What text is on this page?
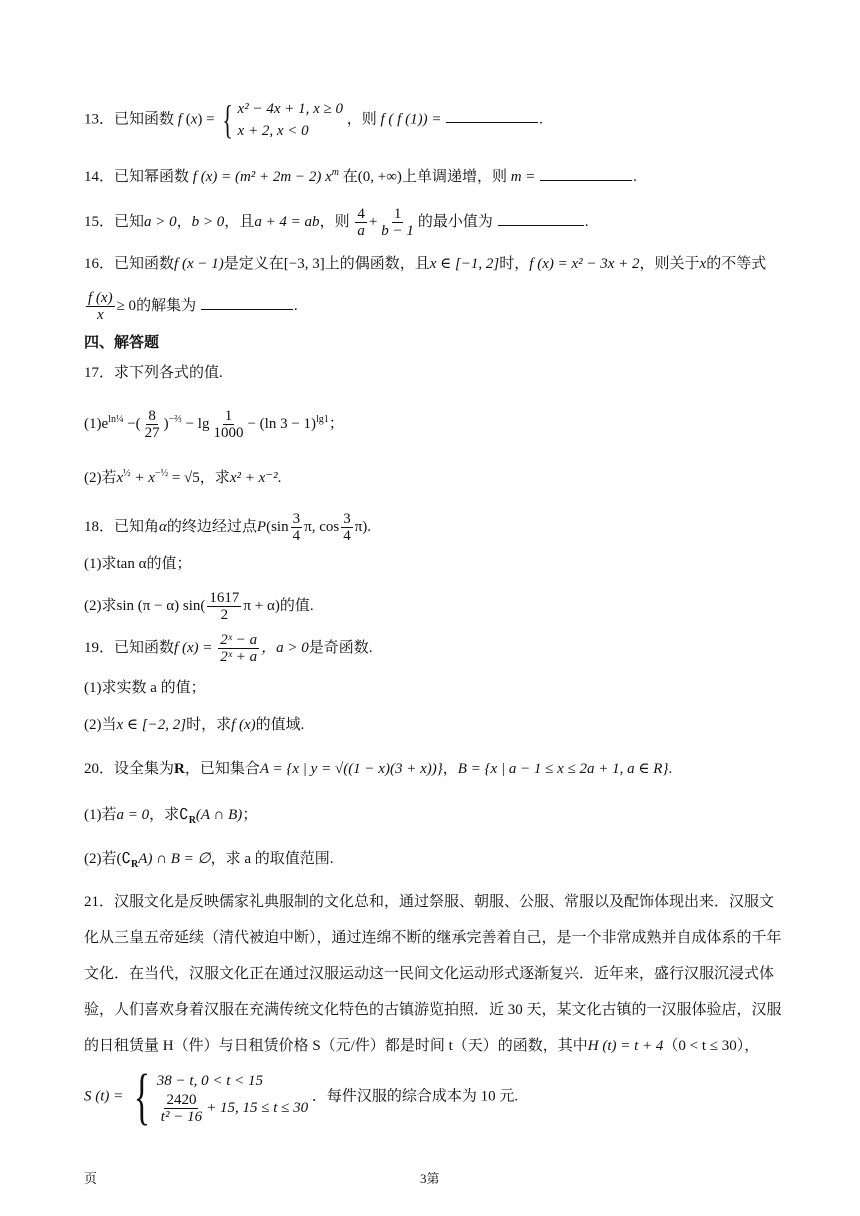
13．已知函数 f (x) = { x² − 4x + 1, x ≥ 0
x + 2, x < 0
，则 f ( f (1)) =	.
14．已知幂函数 f (x) = (m² + 2m − 2) $x^m$ 在(0, +∞)上单调递增，则 m =	.
15．已知a > 0，b > 0，且a + 4 = ab，则 $\frac{4}{a} + \frac{1}{b - 1}$ 的最小值为	.
16．已知函数f (x − 1)是定义在[−3, 3]上的偶函数，且x ∈ [−1, 2]时，f (x) = x² − 3x + 2，则关于x的不等式
$\frac{f (x)}{x} \ge 0$的解集为	.
四、解答题
17．求下列各式的值.
$(1)e^{ln\frac{1}{4}}$ −( $\frac{8}{27} )^{-\frac{2}{3}} - \lg \frac{1}{1000} - (\ln$ 3 − 1)$^{lg1}$；
(2)若$x^{\frac{1}{2}} + x^{-\frac{1}{2}} = √5$，求x² + x⁻².
18．已知角α的终边经过点$P(\sin \frac{3}{4} \pi$, $\cos \frac{3}{4} \pi$).
(1)求tan α的值；
(2)求sin (π − α) $\sin( \frac{1617}{2}$ π + α)的值.
19．已知函数f $(x) = \frac{\text{2ˣ − a}}{\text{2ˣ + a}}$ ，a > 0是奇函数.
(1)求实数 a 的值；
(2)当x ∈ [−2, 2]时，求f (x)的值域.
20．设全集为R，已知集合A = {x | y = √((1 − x)(3 + x))}，B = {x | a − 1 ≤ x ≤ 2a + 1, a ∈ R}.
(1)若a = 0，求$∁_R(A$ ∩ B)；
(2)若$(∁_RA)$ ∩ B = ∅，求 a 的取值范围.
21．汉服文化是反映儒家礼典服制的文化总和，通过祭服、朝服、公服、常服以及配饰体现出来．汉服文
化从三皇五帝延续（清代被迫中断），通过连绵不断的继承完善着自己，是一个非常成熟并自成体系的千年
文化．在当代，汉服文化正在通过汉服运动这一民间文化运动形式逐渐复兴．近年来，盛行汉服沉浸式体
验，人们喜欢身着汉服在充满传统文化特色的古镇游览拍照．近 30 天，某文化古镇的一汉服体验店，汉服
的日租赁量 H（件）与日租赁价格 S（元/件）都是时间 t（天）的函数，其中H (t) = t + 4（0 < t ≤ 30），
S (t) = { 38 − t, 0 < t < 15
$\frac{2420}{\text{t² − 16}} + 15$, 15 ≤ t ≤ 30
．每件汉服的综合成本为 10 元.
页	3第
